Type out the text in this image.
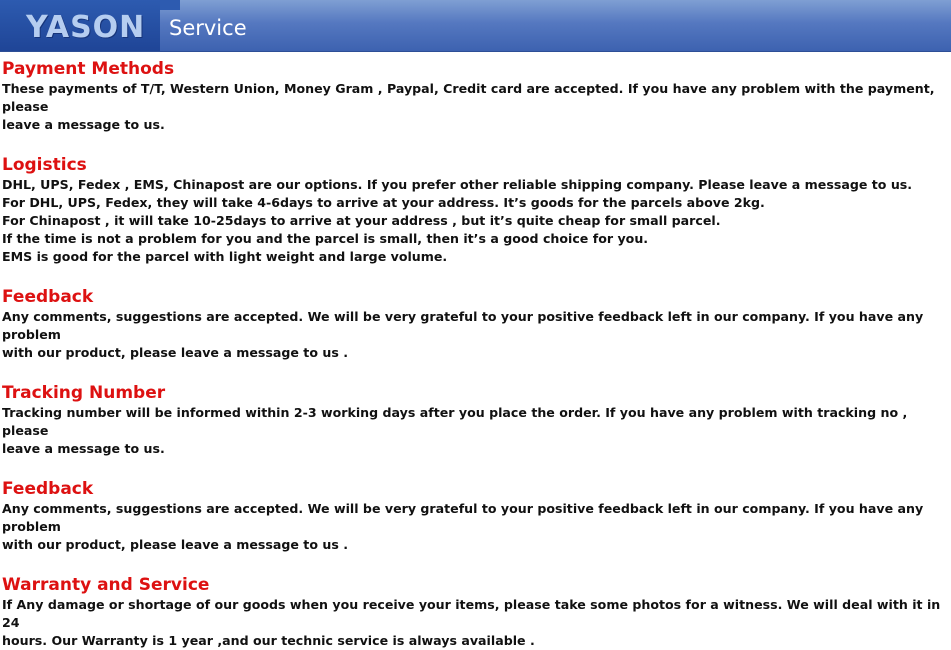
YASON Service
Payment Methods

These payments of T/T, Western Union, Money Gram , Paypal, Credit card are accepted. If you have any problem with the payment, please

leave a message to us.

Logistics

DHL, UPS, Fedex , EMS, Chinapost are our options. If you prefer other reliable shipping company. Please leave a message to us.

For DHL, UPS, Fedex, they will take 4-6days to arrive at your address. It’s goods for the parcels above 2kg.

For Chinapost , it will take 10-25days to arrive at your address , but it’s quite cheap for small parcel.

If the time is not a problem for you and the parcel is small, then it’s a good choice for you.

EMS is good for the parcel with light weight and large volume.

Feedback

Any comments, suggestions are accepted. We will be very grateful to your positive feedback left in our company. If you have any problem

with our product, please leave a message to us .

Tracking Number

Tracking number will be informed within 2-3 working days after you place the order. If you have any problem with tracking no , please

leave a message to us.

Feedback

Any comments, suggestions are accepted. We will be very grateful to your positive feedback left in our company. If you have any problem

with our product, please leave a message to us .

Warranty and Service

If Any damage or shortage of our goods when you receive your items, please take some photos for a witness. We will deal with it in 24

hours. Our Warranty is 1 year ,and our technic service is always available .
